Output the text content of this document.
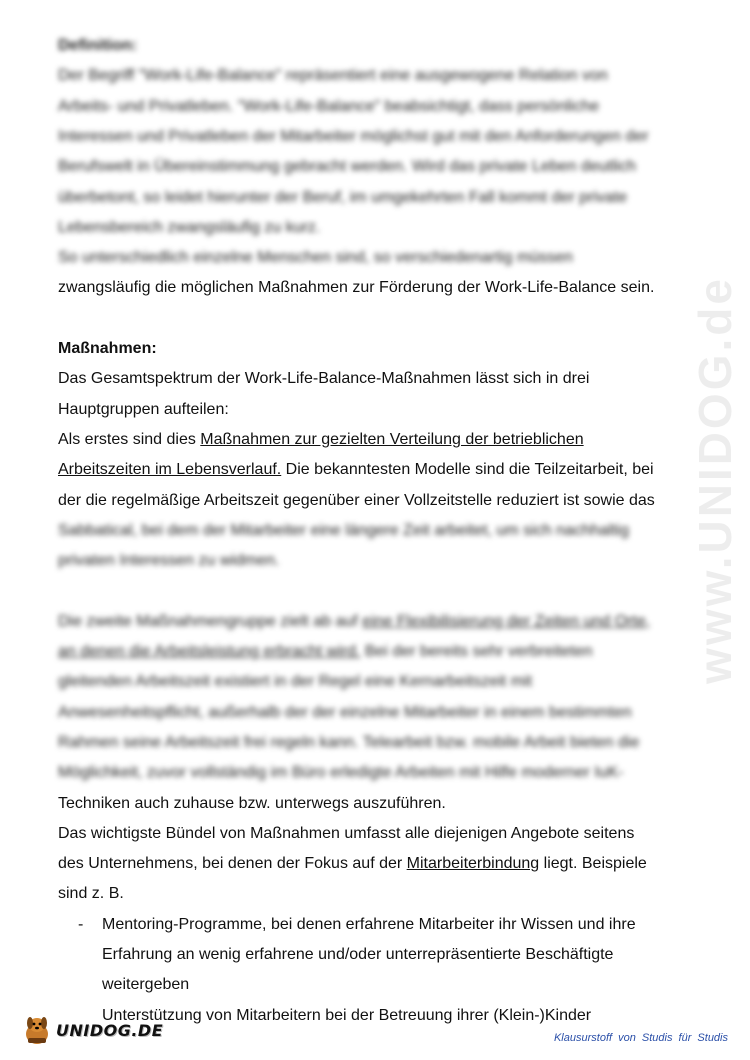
Definition:
Der Begriff "Work-Life-Balance" repräsentiert eine ausgewogene Relation von
Arbeits- und Privatleben. "Work-Life-Balance" beabsichtigt, dass persönliche
Interessen und Privatleben der Mitarbeiter möglichst gut mit den Anforderungen der
Berufswelt in Übereinstimmung gebracht werden. Wird das private Leben deutlich
überbetont, so leidet hierunter der Beruf, im umgekehrten Fall kommt der private
Lebensbereich zwangsläufig zu kurz.
So unterschiedlich einzelne Menschen sind, so verschiedenartig müssen
zwangsläufig die möglichen Maßnahmen zur Förderung der Work-Life-Balance sein.
Maßnahmen:
Das Gesamtspektrum der Work-Life-Balance-Maßnahmen lässt sich in drei
Hauptgruppen aufteilen:
Als erstes sind dies Maßnahmen zur gezielten Verteilung der betrieblichen
Arbeitszeiten im Lebensverlauf. Die bekanntesten Modelle sind die Teilzeitarbeit, bei
der die regelmäßige Arbeitszeit gegenüber einer Vollzeitstelle reduziert ist sowie das
Sabbatical, bei dem der Mitarbeiter eine längere Zeit arbeitet, um sich nachhaltig
privaten Interessen zu widmen.
Die zweite Maßnahmengruppe zielt ab auf eine Flexibilisierung der Zeiten und Orte,
an denen die Arbeitsleistung erbracht wird. Bei der bereits sehr verbreiteten
gleitenden Arbeitszeit existiert in der Regel eine Kernarbeitszeit mit
Anwesenheitspflicht, außerhalb der der einzelne Mitarbeiter in einem bestimmten
Rahmen seine Arbeitszeit frei regeln kann. Telearbeit bzw. mobile Arbeit bieten die
Möglichkeit, zuvor vollständig im Büro erledigte Arbeiten mit Hilfe moderner IuK-
Techniken auch zuhause bzw. unterwegs auszuführen.
Das wichtigste Bündel von Maßnahmen umfasst alle diejenigen Angebote seitens
des Unternehmens, bei denen der Fokus auf der Mitarbeiterbindung liegt. Beispiele
sind z. B.
- Mentoring-Programme, bei denen erfahrene Mitarbeiter ihr Wissen und ihre
Erfahrung an wenig erfahrene und/oder unterrepräsentierte Beschäftigte
weitergeben
Unterstützung von Mitarbeitern bei der Betreuung ihrer (Klein-)Kinder
www.UNIDOG.de
UNIDOG.DE	Klausurstoff von Studis für Studis
